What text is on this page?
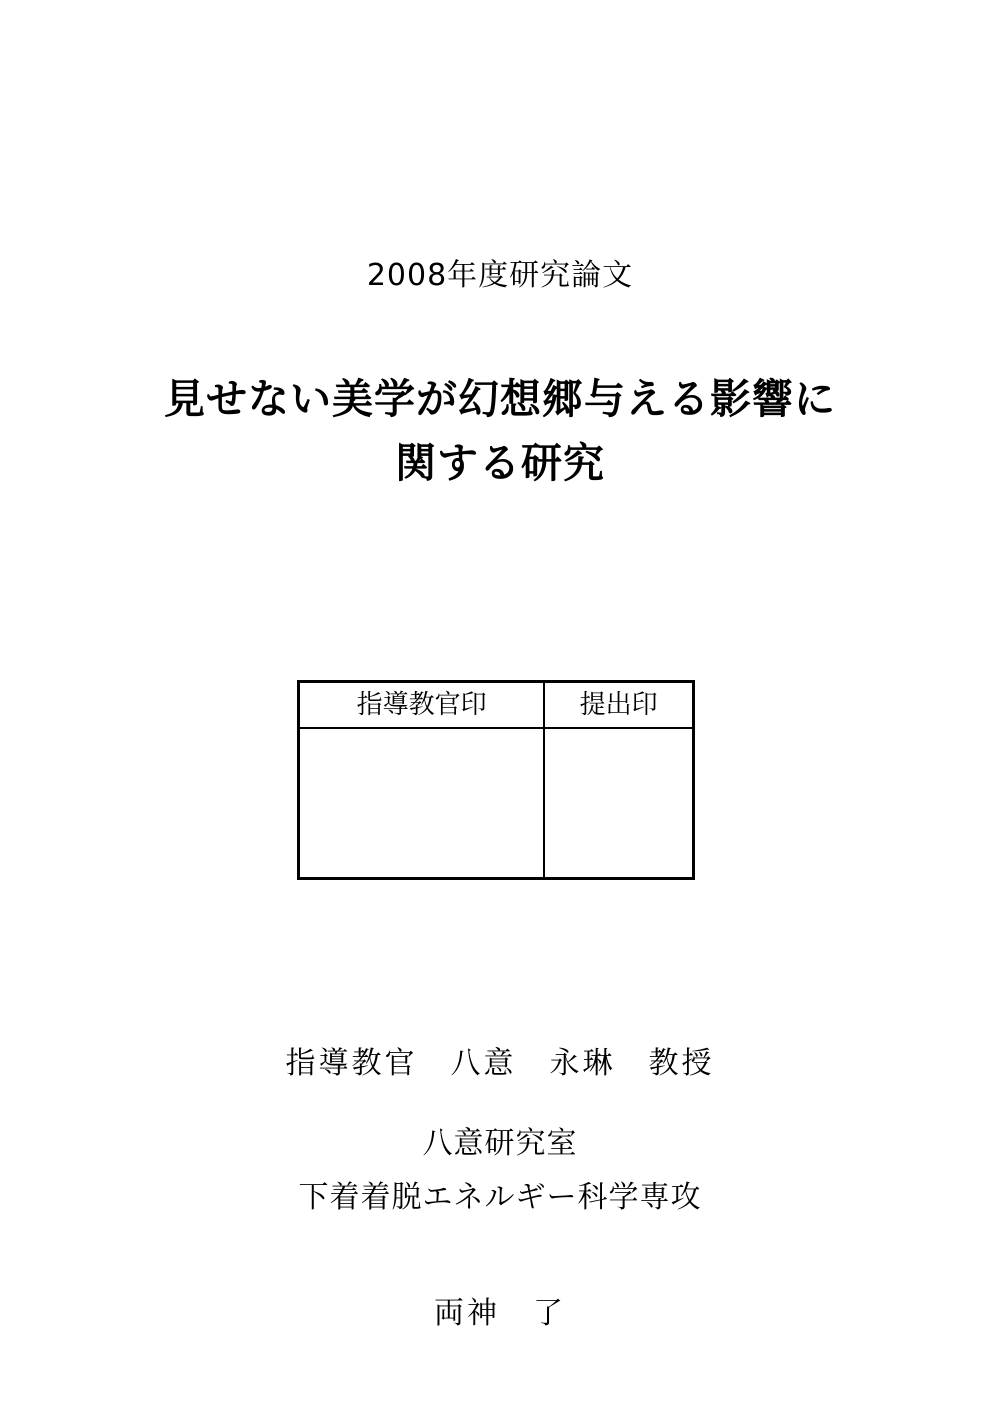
2008年度研究論文
見せない美学が幻想郷与える影響に
関する研究
指導教官印	提出印

指導教官　八意　永琳　教授
八意研究室
下着着脱エネルギー科学専攻
両神　了
